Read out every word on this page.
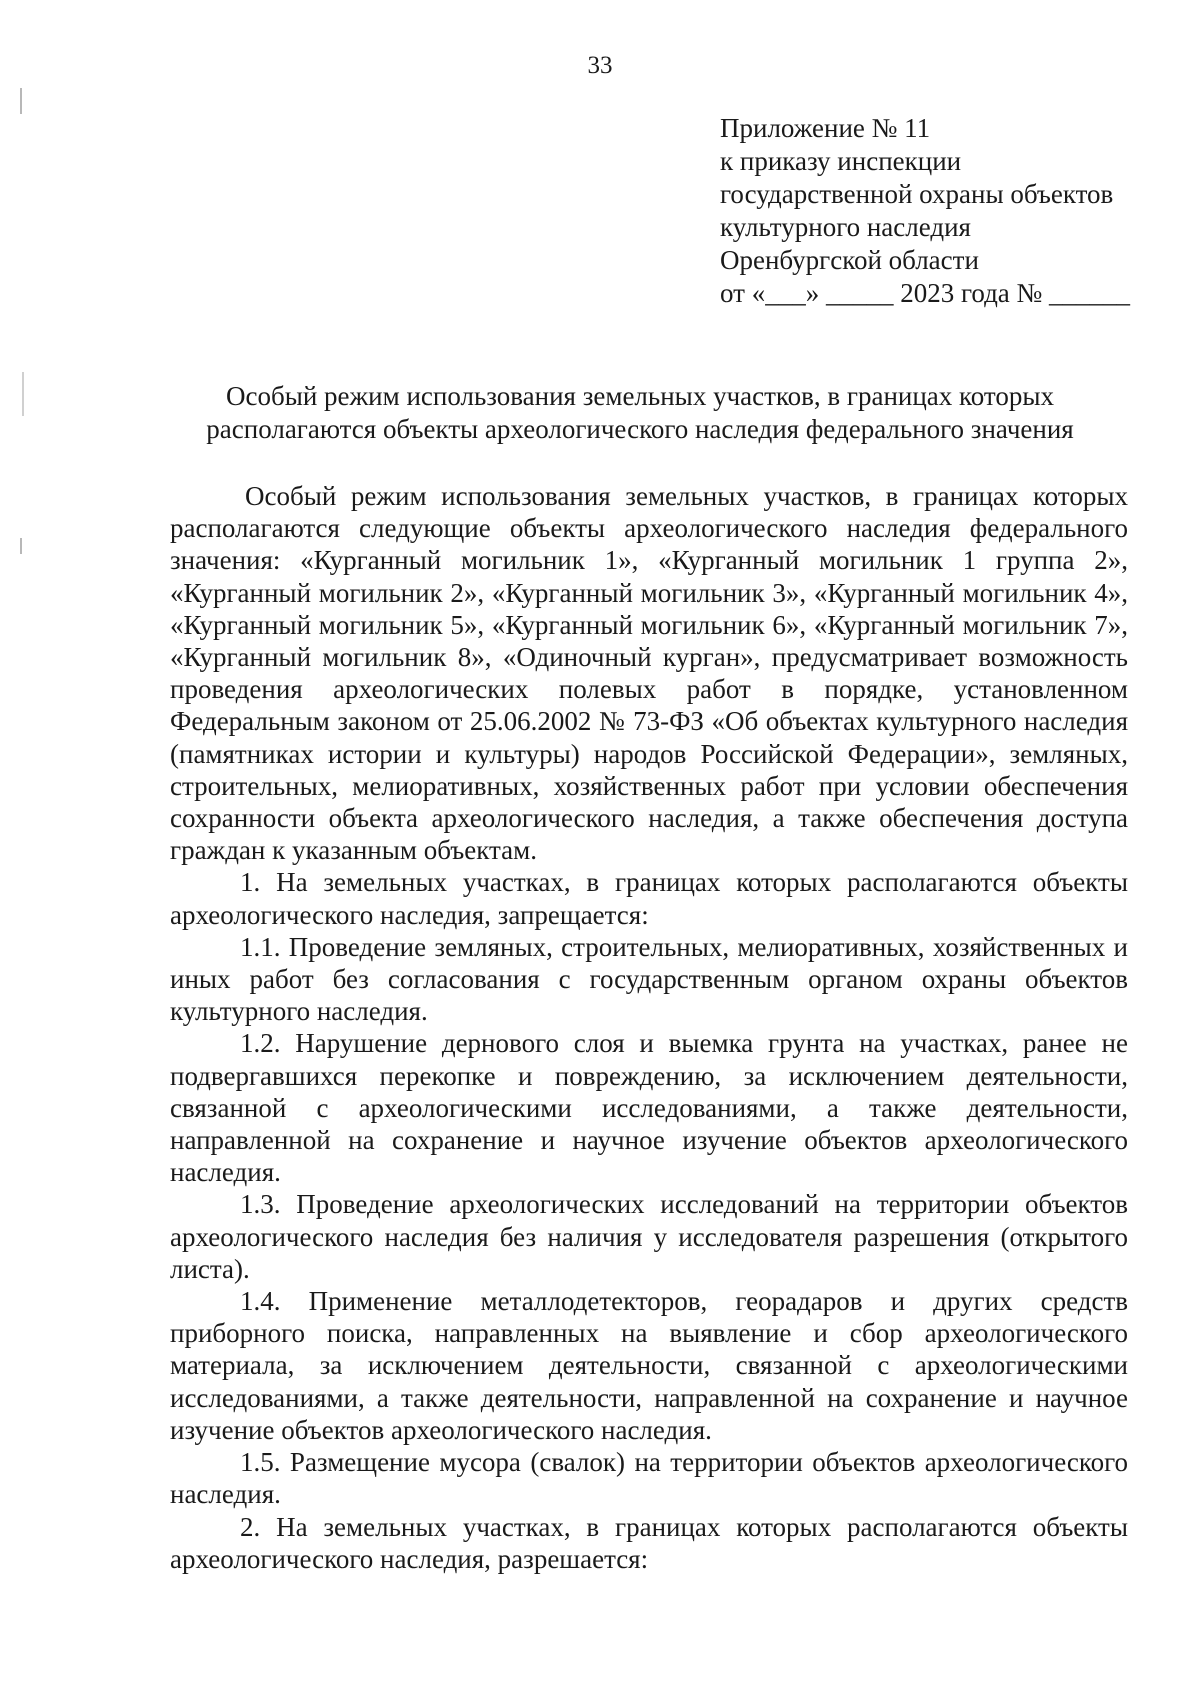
33
Приложение № 11
к приказу инспекции
государственной охраны объектов
культурного наследия
Оренбургской области
от «___» _____ 2023 года № ______
Особый режим использования земельных участков, в границах которых
располагаются объекты археологического наследия федерального значения

Особый режим использования земельных участков, в границах которых располагаются следующие объекты археологического наследия федерального значения: «Курганный могильник 1», «Курганный могильник 1 группа 2», «Курганный могильник 2», «Курганный могильник 3», «Курганный могильник 4», «Курганный могильник 5», «Курганный могильник 6», «Курганный могильник 7», «Курганный могильник 8», «Одиночный курган», предусматривает возможность проведения археологических полевых работ в порядке, установленном Федеральным законом от 25.06.2002 № 73-ФЗ «Об объектах культурного наследия (памятниках истории и культуры) народов Российской Федерации», земляных, строительных, мелиоративных, хозяйственных работ при условии обеспечения сохранности объекта археологического наследия, а также обеспечения доступа граждан к указанным объектам.

1. На земельных участках, в границах которых располагаются объекты археологического наследия, запрещается:

1.1. Проведение земляных, строительных, мелиоративных, хозяйственных и иных работ без согласования с государственным органом охраны объектов культурного наследия.

1.2. Нарушение дернового слоя и выемка грунта на участках, ранее не подвергавшихся перекопке и повреждению, за исключением деятельности, связанной с археологическими исследованиями, а также деятельности, направленной на сохранение и научное изучение объектов археологического наследия.

1.3. Проведение археологических исследований на территории объектов археологического наследия без наличия у исследователя разрешения (открытого листа).

1.4. Применение металлодетекторов, георадаров и других средств приборного поиска, направленных на выявление и сбор археологического материала, за исключением деятельности, связанной с археологическими исследованиями, а также деятельности, направленной на сохранение и научное изучение объектов археологического наследия.

1.5. Размещение мусора (свалок) на территории объектов археологического наследия.

2. На земельных участках, в границах которых располагаются объекты археологического наследия, разрешается:
